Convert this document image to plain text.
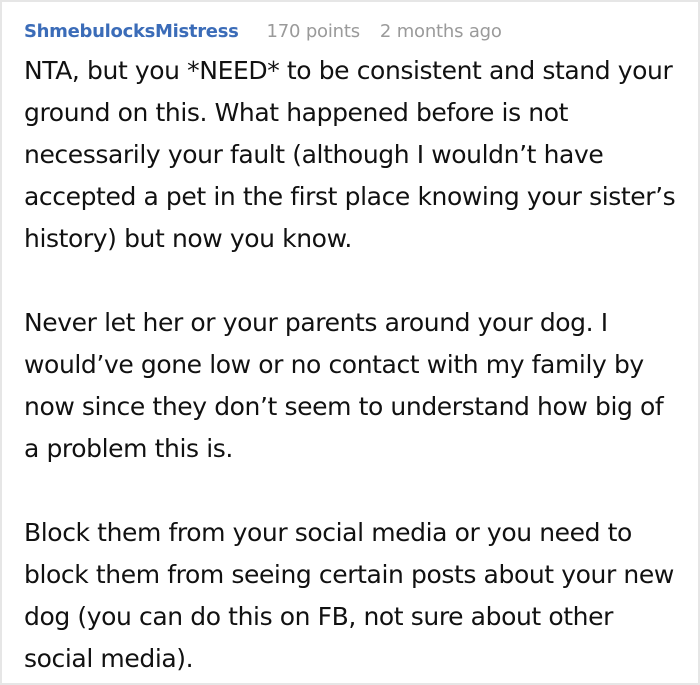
ShmebulocksMistress 170 points 2 months ago

NTA, but you *NEED* to be consistent and stand your ground on this. What happened before is not necessarily your fault (although I wouldn’t have accepted a pet in the first place knowing your sister’s history) but now you know.

Never let her or your parents around your dog. I would’ve gone low or no contact with my family by now since they don’t seem to understand how big of a problem this is.

Block them from your social media or you need to block them from seeing certain posts about your new dog (you can do this on FB, not sure about other social media).
